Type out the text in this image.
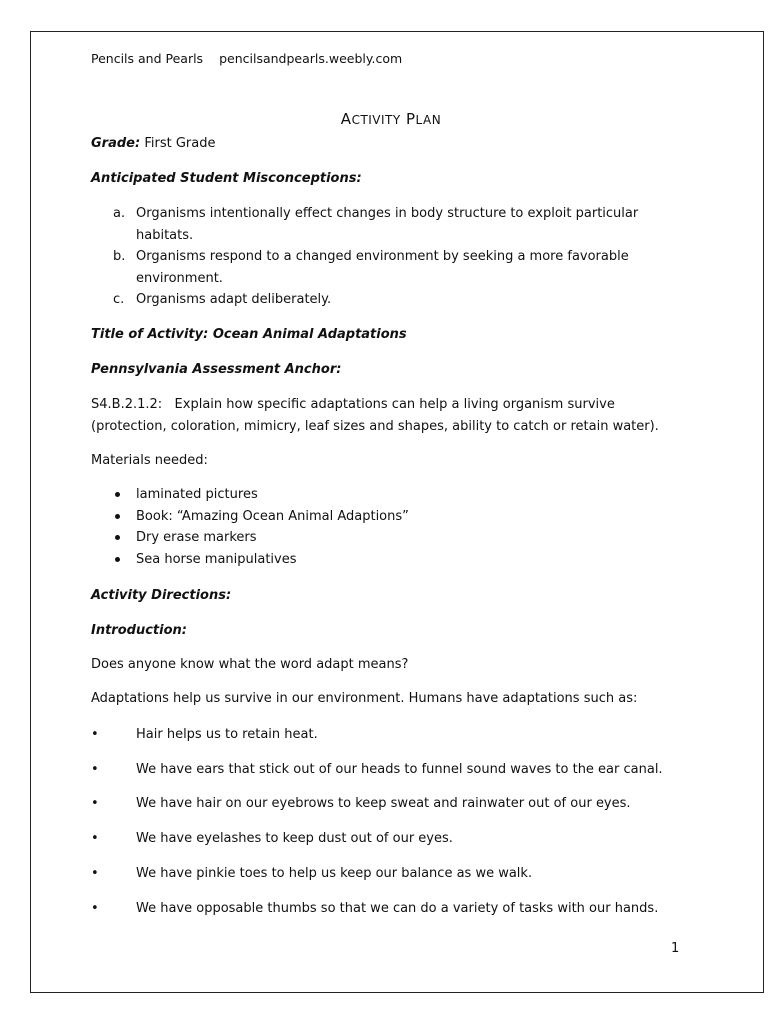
Pencils and Pearls pencilsandpearls.weebly.com
ACTIVITY PLAN
Grade: First Grade
Anticipated Student Misconceptions:
a. Organisms intentionally effect changes in body structure to exploit particular habitats.
b. Organisms respond to a changed environment by seeking a more favorable environment.
c. Organisms adapt deliberately.
Title of Activity: Ocean Animal Adaptations
Pennsylvania Assessment Anchor:
S4.B.2.1.2:   Explain how specific adaptations can help a living organism survive
(protection, coloration, mimicry, leaf sizes and shapes, ability to catch or retain water).
Materials needed:
laminated pictures
Book: “Amazing Ocean Animal Adaptions”
Dry erase markers
Sea horse manipulatives
Activity Directions:
Introduction:
Does anyone know what the word adapt means?
Adaptations help us survive in our environment. Humans have adaptations such as:
•	Hair helps us to retain heat.
•	We have ears that stick out of our heads to funnel sound waves to the ear canal.
•	We have hair on our eyebrows to keep sweat and rainwater out of our eyes.
•	We have eyelashes to keep dust out of our eyes.
•	We have pinkie toes to help us keep our balance as we walk.
•	We have opposable thumbs so that we can do a variety of tasks with our hands.
1
